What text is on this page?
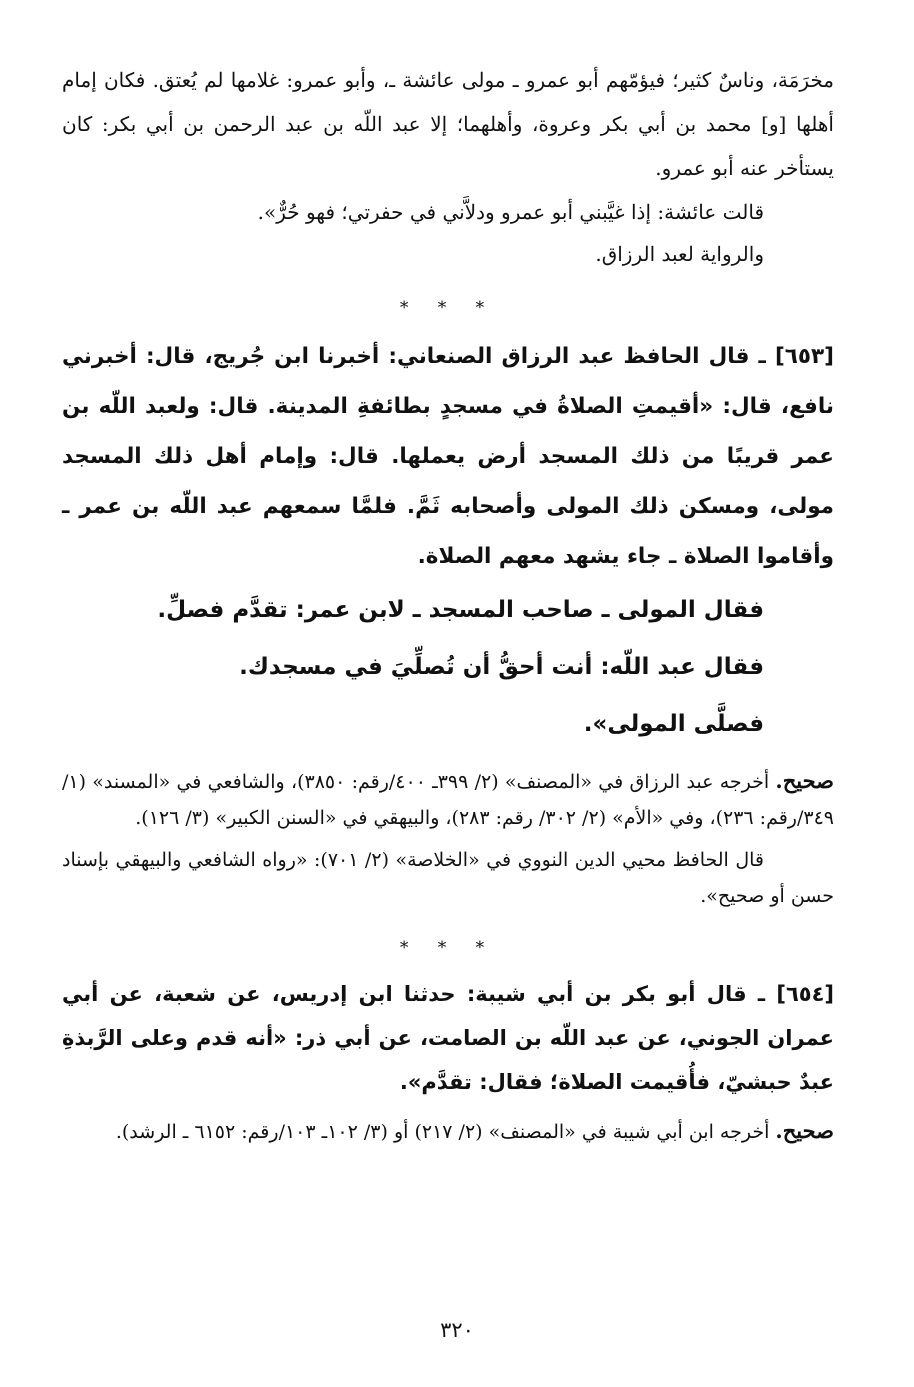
مخرَمَة، وناسٌ كثير؛ فيؤمّهم أبو عمرو ـ مولى عائشة ـ، وأبو عمرو: غلامها لم يُعتق. فكان إمام أهلها [و] محمد بن أبي بكر وعروة، وأهلهما؛ إلا عبد اللّه بن عبد الرحمن بن أبي بكر: كان يستأخر عنه أبو عمرو.

قالت عائشة: إذا غيَّبني أبو عمرو ودلاَّني في حفرتي؛ فهو حُرٌّ».

والرواية لعبد الرزاق.

* * *

[٦٥٣] ـ قال الحافظ عبد الرزاق الصنعاني: أخبرنا ابن جُريج، قال: أخبرني نافع، قال: «أقيمتِ الصلاةُ في مسجدٍ بطائفةِ المدينة. قال: ولعبد اللّه بن عمر قريبًا من ذلك المسجد أرض يعملها. قال: وإمام أهل ذلك المسجد مولى، ومسكن ذلك المولى وأصحابه ثَمَّ. فلمَّا سمعهم عبد اللّه بن عمر ـ وأقاموا الصلاة ـ جاء يشهد معهم الصلاة.

فقال المولى ـ صاحب المسجد ـ لابن عمر: تقدَّم فصلِّ.

فقال عبد اللّه: أنت أحقُّ أن تُصلِّيَ في مسجدك.

فصلَّى المولى».

صحيح. أخرجه عبد الرزاق في «المصنف» (٢/ ٣٩٩ـ ٤٠٠/رقم: ٣٨٥٠)، والشافعي في «المسند» (١/ ٣٤٩/رقم: ٢٣٦)، وفي «الأم» (٢/ ٣٠٢/ رقم: ٢٨٣)، والبيهقي في «السنن الكبير» (٣/ ١٢٦).

قال الحافظ محيي الدين النووي في «الخلاصة» (٢/ ٧٠١): «رواه الشافعي والبيهقي بإسناد حسن أو صحيح».

* * *

[٦٥٤] ـ قال أبو بكر بن أبي شيبة: حدثنا ابن إدريس، عن شعبة، عن أبي عمران الجوني، عن عبد اللّه بن الصامت، عن أبي ذر: «أنه قدم وعلى الرَّبذةِ عبدٌ حبشيّ، فأُقيمت الصلاة؛ فقال: تقدَّم».

صحيح. أخرجه ابن أبي شيبة في «المصنف» (٢/ ٢١٧) أو (٣/ ١٠٢ـ ١٠٣/رقم: ٦١٥٢ ـ الرشد).

٣٢٠
